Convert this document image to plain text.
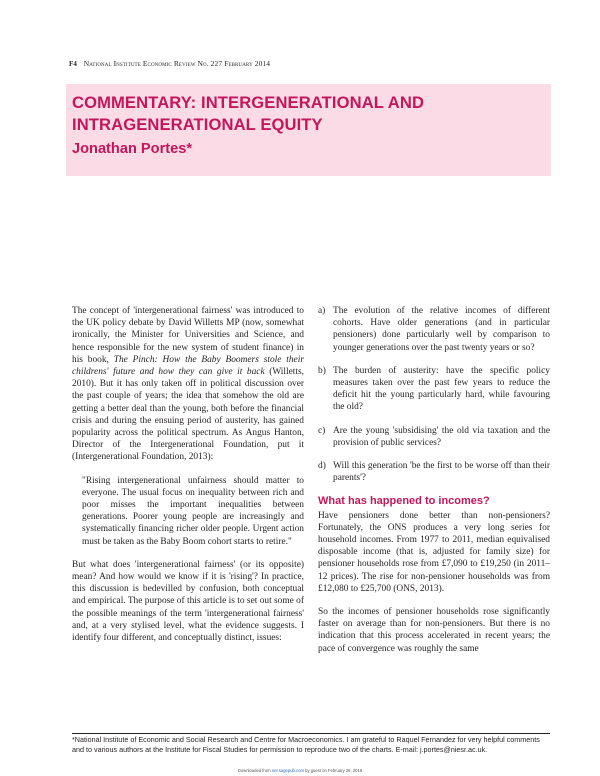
F4 National Institute Economic Review No. 227 February 2014
COMMENTARY: INTERGENERATIONAL AND INTRAGENERATIONAL EQUITY
Jonathan Portes*

The concept of 'intergenerational fairness' was introduced to the UK policy debate by David Willetts MP (now, somewhat ironically, the Minister for Universities and Science, and hence responsible for the new system of student finance) in his book, The Pinch: How the Baby Boomers stole their childrens' future and how they can give it back (Willetts, 2010). But it has only taken off in political discussion over the past couple of years; the idea that somehow the old are getting a better deal than the young, both before the financial crisis and during the ensuing period of austerity, has gained popularity across the political spectrum. As Angus Hanton, Director of the Intergenerational Foundation, put it (Intergenerational Foundation, 2013):

"Rising intergenerational unfairness should matter to everyone. The usual focus on inequality between rich and poor misses the important inequalities between generations. Poorer young people are increasingly and systematically financing richer older people. Urgent action must be taken as the Baby Boom cohort starts to retire."

But what does 'intergenerational fairness' (or its opposite) mean? And how would we know if it is 'rising'? In practice, this discussion is bedevilled by confusion, both conceptual and empirical. The purpose of this article is to set out some of the possible meanings of the term 'intergenerational fairness' and, at a very stylised level, what the evidence suggests. I identify four different, and conceptually distinct, issues:

a) The evolution of the relative incomes of different cohorts. Have older generations (and in particular pensioners) done particularly well by comparison to younger generations over the past twenty years or so?
b) The burden of austerity: have the specific policy measures taken over the past few years to reduce the deficit hit the young particularly hard, while favouring the old?
c) Are the young 'subsidising' the old via taxation and the provision of public services?
d) Will this generation 'be the first to be worse off than their parents'?
What has happened to incomes?

Have pensioners done better than non-pensioners? Fortunately, the ONS produces a very long series for household incomes. From 1977 to 2011, median equivalised disposable income (that is, adjusted for family size) for pensioner households rose from £7,090 to £19,250 (in 2011–12 prices). The rise for non-pensioner households was from £12,080 to £25,700 (ONS, 2013).

So the incomes of pensioner households rose significantly faster on average than for non-pensioners. But there is no indication that this process accelerated in recent years; the pace of convergence was roughly the same

*National Institute of Economic and Social Research and Centre for Macroeconomics. I am grateful to Raquel Fernandez for very helpful comments and to various authors at the Institute for Fiscal Studies for permission to reproduce two of the charts. E-mail: j.portes@niesr.ac.uk.
Downloaded from ner.sagepub.com by guest on February 28, 2016
